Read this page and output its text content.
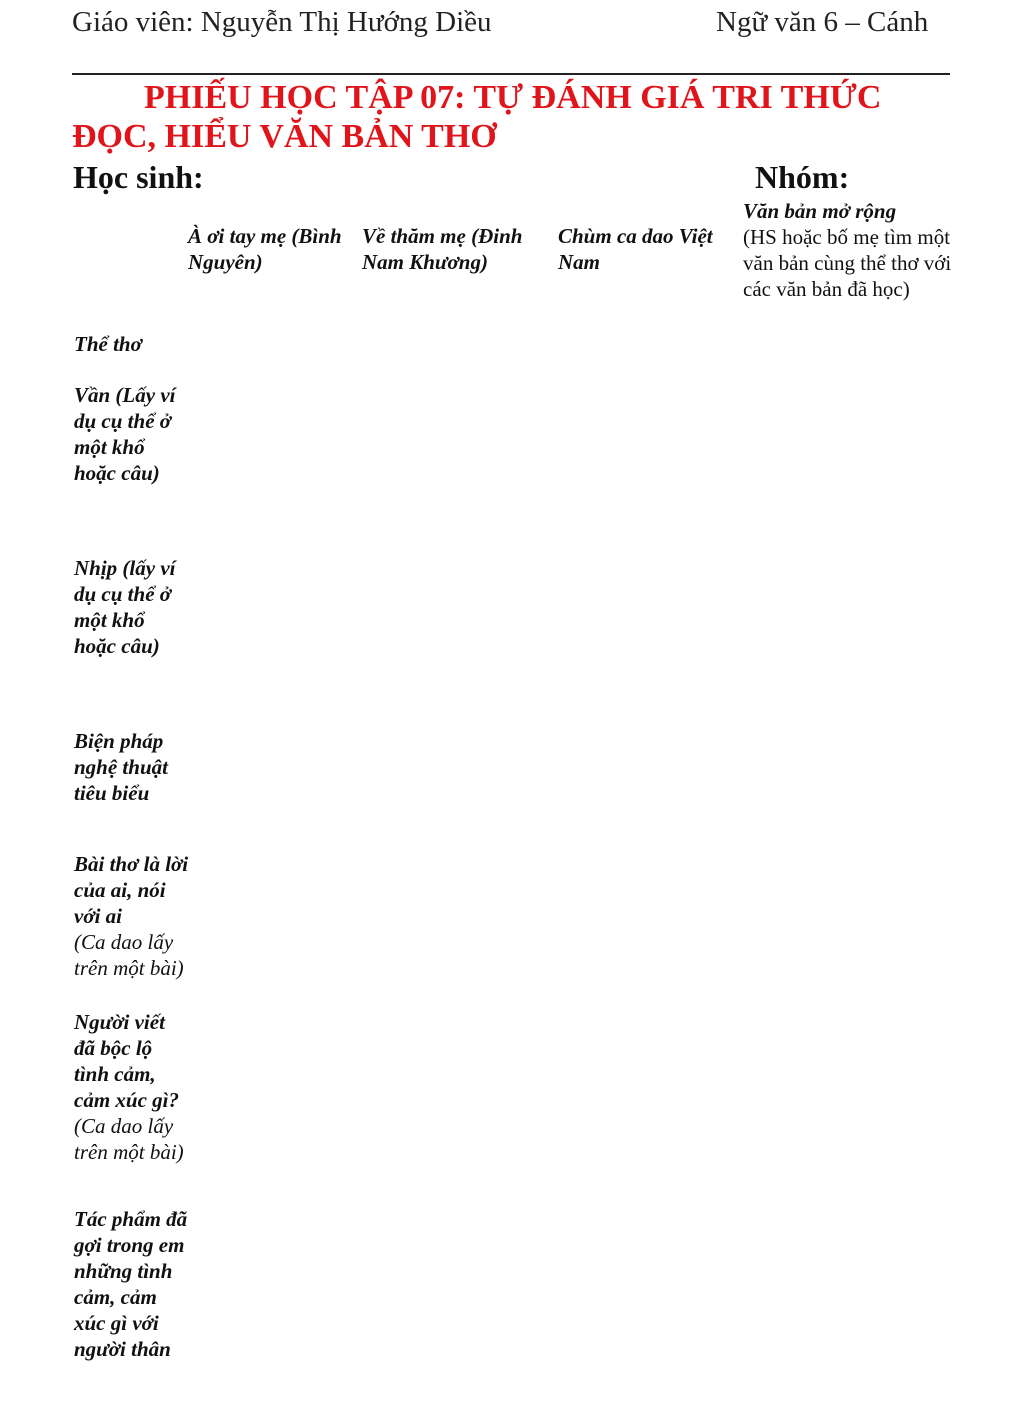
Giáo viên: Nguyễn Thị Hướng Diều	Ngữ văn 6 – Cánh
PHIẾU HỌC TẬP 07: TỰ ĐÁNH GIÁ TRI THỨC ĐỌC, HIỂU VĂN BẢN THƠ
Học sinh:	Nhóm:
À ơi tay mẹ (Bình Nguyên)
Về thăm mẹ (Đinh Nam Khương)
Chùm ca dao Việt Nam
Văn bản mở rộng
(HS hoặc bố mẹ tìm một văn bản cùng thể thơ với các văn bản đã học)
Thể thơ
Vần (Lấy ví dụ cụ thể ở một khổ hoặc câu)
Nhịp (lấy ví dụ cụ thể ở một khổ hoặc câu)
Biện pháp nghệ thuật tiêu biểu
Bài thơ là lời của ai, nói với ai
(Ca dao lấy trên một bài)
Người viết đã bộc lộ tình cảm, cảm xúc gì? (Ca dao lấy trên một bài)
Tác phẩm đã gợi trong em những tình cảm, cảm xúc gì với người thân
